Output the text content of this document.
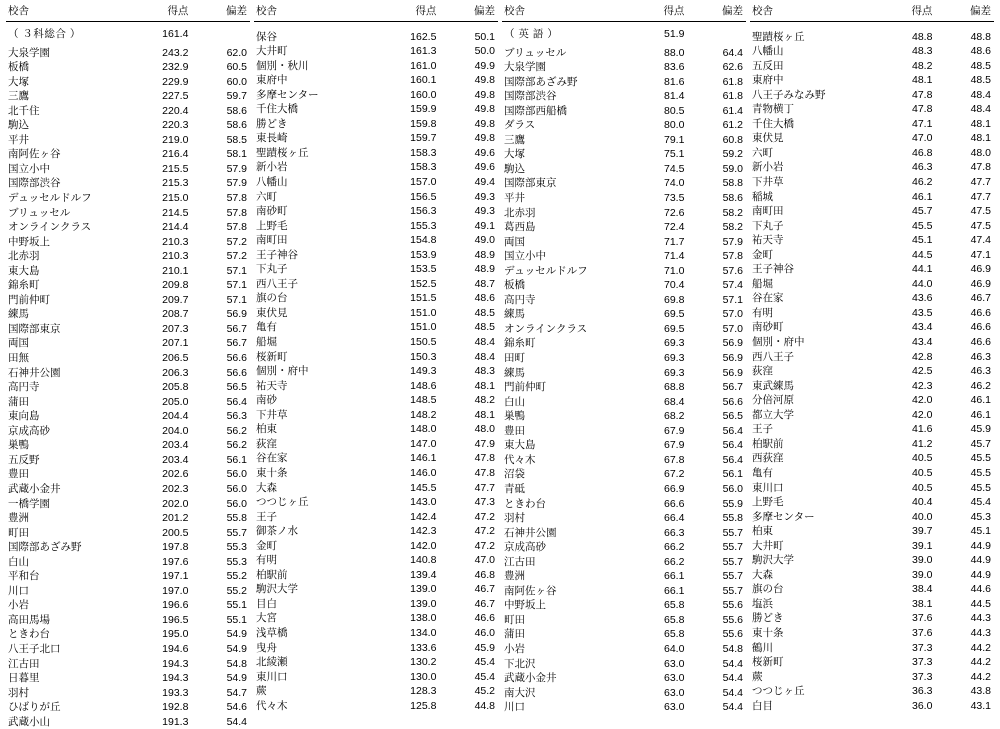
校舎	得点	偏差

（ ３科総合 ）	161.4	

大泉学園	243.2	62.0
板橋	232.9	60.5
大塚	229.9	60.0
三鷹	227.5	59.7
北千住	220.4	58.6
駒込	220.3	58.6
平井	219.0	58.5
南阿佐ヶ谷	216.4	58.1
国立小中	215.5	57.9
国際部渋谷	215.3	57.9
デュッセルドルフ	215.0	57.8
ブリュッセル	214.5	57.8
オンラインクラス	214.4	57.8
中野坂上	210.3	57.2
北赤羽	210.3	57.2
東大島	210.1	57.1
錦糸町	209.8	57.1
門前仲町	209.7	57.1
練馬	208.7	56.9
国際部東京	207.3	56.7
両国	207.1	56.7
田無	206.5	56.6
石神井公園	206.3	56.6
高円寺	205.8	56.5
蒲田	205.0	56.4
東向島	204.4	56.3
京成高砂	204.0	56.2
巣鴨	203.4	56.2
五反野	203.4	56.1
豊田	202.6	56.0
武蔵小金井	202.3	56.0
一橋学園	202.0	56.0
豊洲	201.2	55.8
町田	200.5	55.7
国際部あざみ野	197.8	55.3
白山	197.6	55.3
平和台	197.1	55.2
川口	197.0	55.2
小岩	196.6	55.1
高田馬場	196.5	55.1
ときわ台	195.0	54.9
八王子北口	194.6	54.9
江古田	194.3	54.8
日暮里	194.3	54.9
羽村	193.3	54.7
ひばりが丘	192.8	54.6
武蔵小山	191.3	54.4
校舎	得点	偏差

保谷	162.5	50.1
大井町	161.3	50.0
個別・秋川	161.0	49.9
東府中	160.1	49.8
多摩センター	160.0	49.8
千住大橋	159.9	49.8
勝どき	159.8	49.8
東長崎	159.7	49.8
聖蹟桜ヶ丘	158.3	49.6
新小岩	158.3	49.6
八幡山	157.0	49.4
六町	156.5	49.3
南砂町	156.3	49.3
上野毛	155.3	49.1
南町田	154.8	49.0
王子神谷	153.9	48.9
下丸子	153.5	48.9
西八王子	152.5	48.7
旗の台	151.5	48.6
東伏見	151.0	48.5
亀有	151.0	48.5
船堀	150.5	48.4
桜新町	150.3	48.4
個別・府中	149.3	48.3
祐天寺	148.6	48.1
南砂	148.5	48.2
下井草	148.2	48.1
柏東	148.0	48.0
荻窪	147.0	47.9
谷在家	146.1	47.8
東十条	146.0	47.8
大森	145.5	47.7
つつじヶ丘	143.0	47.3
王子	142.4	47.2
御茶ノ水	142.3	47.2
金町	142.0	47.2
有明	140.8	47.0
柏駅前	139.4	46.8
駒沢大学	139.0	46.7
目白	139.0	46.7
大宮	138.0	46.6
浅草橋	134.0	46.0
曳舟	133.6	45.9
北綾瀬	130.2	45.4
東川口	130.0	45.4
蕨	128.3	45.2
代々木	125.8	44.8
校舎	得点	偏差

（ 英 語 ）	51.9	

ブリュッセル	88.0	64.4
大泉学園	83.6	62.6
国際部あざみ野	81.6	61.8
国際部渋谷	81.4	61.8
国際部西船橋	80.5	61.4
ダラス	80.0	61.2
三鷹	79.1	60.8
大塚	75.1	59.2
駒込	74.5	59.0
国際部東京	74.0	58.8
平井	73.5	58.6
北赤羽	72.6	58.2
葛西島	72.4	58.2
両国	71.7	57.9
国立小中	71.4	57.8
デュッセルドルフ	71.0	57.6
板橋	70.4	57.4
高円寺	69.8	57.1
練馬	69.5	57.0
オンラインクラス	69.5	57.0
錦糸町	69.3	56.9
田町	69.3	56.9
練馬	69.3	56.9
門前仲町	68.8	56.7
白山	68.4	56.6
巣鴨	68.2	56.5
豊田	67.9	56.4
東大島	67.9	56.4
代々木	67.8	56.4
沼袋	67.2	56.1
青砥	66.9	56.0
ときわ台	66.6	55.9
羽村	66.4	55.8
石神井公園	66.3	55.7
京成高砂	66.2	55.7
江古田	66.2	55.7
豊洲	66.1	55.7
南阿佐ヶ谷	66.1	55.7
中野坂上	65.8	55.6
町田	65.8	55.6
蒲田	65.8	55.6
小岩	64.0	54.8
下北沢	63.0	54.4
武蔵小金井	63.0	54.4
南大沢	63.0	54.4
川口	63.0	54.4
校舎	得点	偏差

聖蹟桜ヶ丘	48.8	48.8
八幡山	48.3	48.6
五反田	48.2	48.5
東府中	48.1	48.5
八王子みなみ野	47.8	48.4
青物横丁	47.8	48.4
千住大橋	47.1	48.1
東伏見	47.0	48.1
六町	46.8	48.0
新小岩	46.3	47.8
下井草	46.2	47.7
稲城	46.1	47.7
南町田	45.7	47.5
下丸子	45.5	47.5
祐天寺	45.1	47.4
金町	44.5	47.1
王子神谷	44.1	46.9
船堀	44.0	46.9
谷在家	43.6	46.7
有明	43.5	46.6
南砂町	43.4	46.6
個別・府中	43.4	46.6
西八王子	42.8	46.3
荻窪	42.5	46.3
東武練馬	42.3	46.2
分倍河原	42.0	46.1
都立大学	42.0	46.1
王子	41.6	45.9
柏駅前	41.2	45.7
西荻窪	40.5	45.5
亀有	40.5	45.5
東川口	40.5	45.5
上野毛	40.4	45.4
多摩センター	40.0	45.3
柏東	39.7	45.1
大井町	39.1	44.9
駒沢大学	39.0	44.9
大森	39.0	44.9
旗の台	38.4	44.6
塩浜	38.1	44.5
勝どき	37.6	44.3
東十条	37.6	44.3
鶴川	37.3	44.2
桜新町	37.3	44.2
蕨	37.3	44.2
つつじヶ丘	36.3	43.8
白目	36.0	43.1
